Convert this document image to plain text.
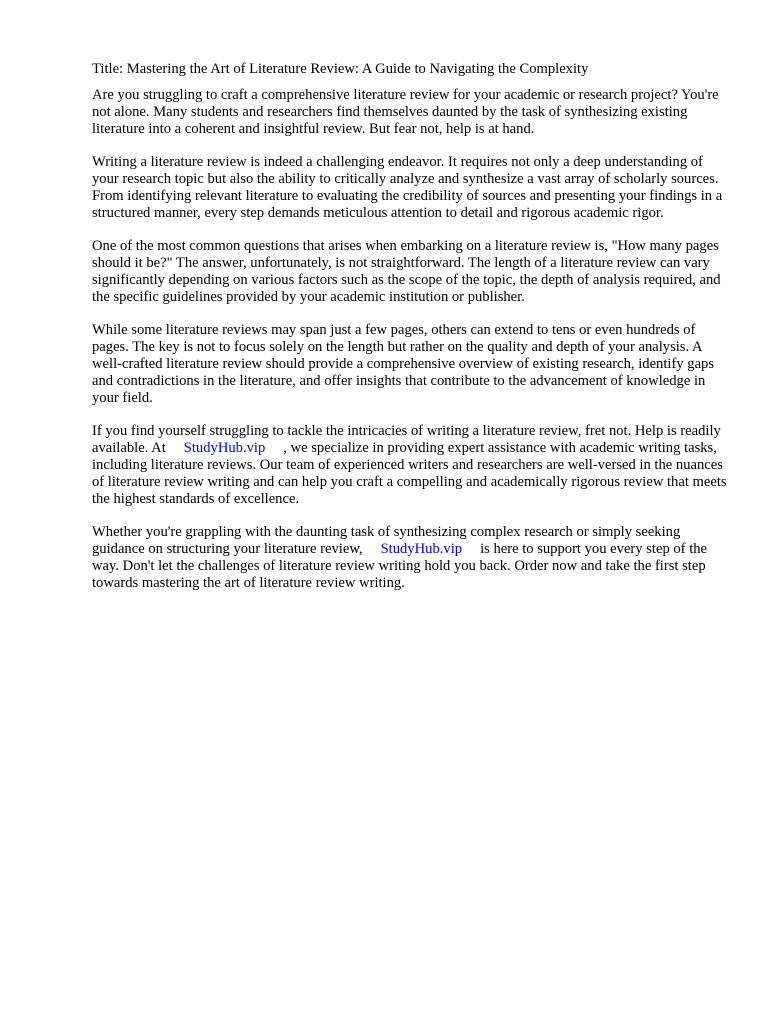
Title: Mastering the Art of Literature Review: A Guide to Navigating the Complexity

Are you struggling to craft a comprehensive literature review for your academic or research project? You're not alone. Many students and researchers find themselves daunted by the task of synthesizing existing literature into a coherent and insightful review. But fear not, help is at hand.

Writing a literature review is indeed a challenging endeavor. It requires not only a deep understanding of your research topic but also the ability to critically analyze and synthesize a vast array of scholarly sources. From identifying relevant literature to evaluating the credibility of sources and presenting your findings in a structured manner, every step demands meticulous attention to detail and rigorous academic rigor.

One of the most common questions that arises when embarking on a literature review is, "How many pages should it be?" The answer, unfortunately, is not straightforward. The length of a literature review can vary significantly depending on various factors such as the scope of the topic, the depth of analysis required, and the specific guidelines provided by your academic institution or publisher.

While some literature reviews may span just a few pages, others can extend to tens or even hundreds of pages. The key is not to focus solely on the length but rather on the quality and depth of your analysis. A well-crafted literature review should provide a comprehensive overview of existing research, identify gaps and contradictions in the literature, and offer insights that contribute to the advancement of knowledge in your field.

If you find yourself struggling to tackle the intricacies of writing a literature review, fret not. Help is readily available. At StudyHub.vip , we specialize in providing expert assistance with academic writing tasks, including literature reviews. Our team of experienced writers and researchers are well-versed in the nuances of literature review writing and can help you craft a compelling and academically rigorous review that meets the highest standards of excellence.

Whether you're grappling with the daunting task of synthesizing complex research or simply seeking guidance on structuring your literature review, StudyHub.vip is here to support you every step of the way. Don't let the challenges of literature review writing hold you back. Order now and take the first step towards mastering the art of literature review writing.
